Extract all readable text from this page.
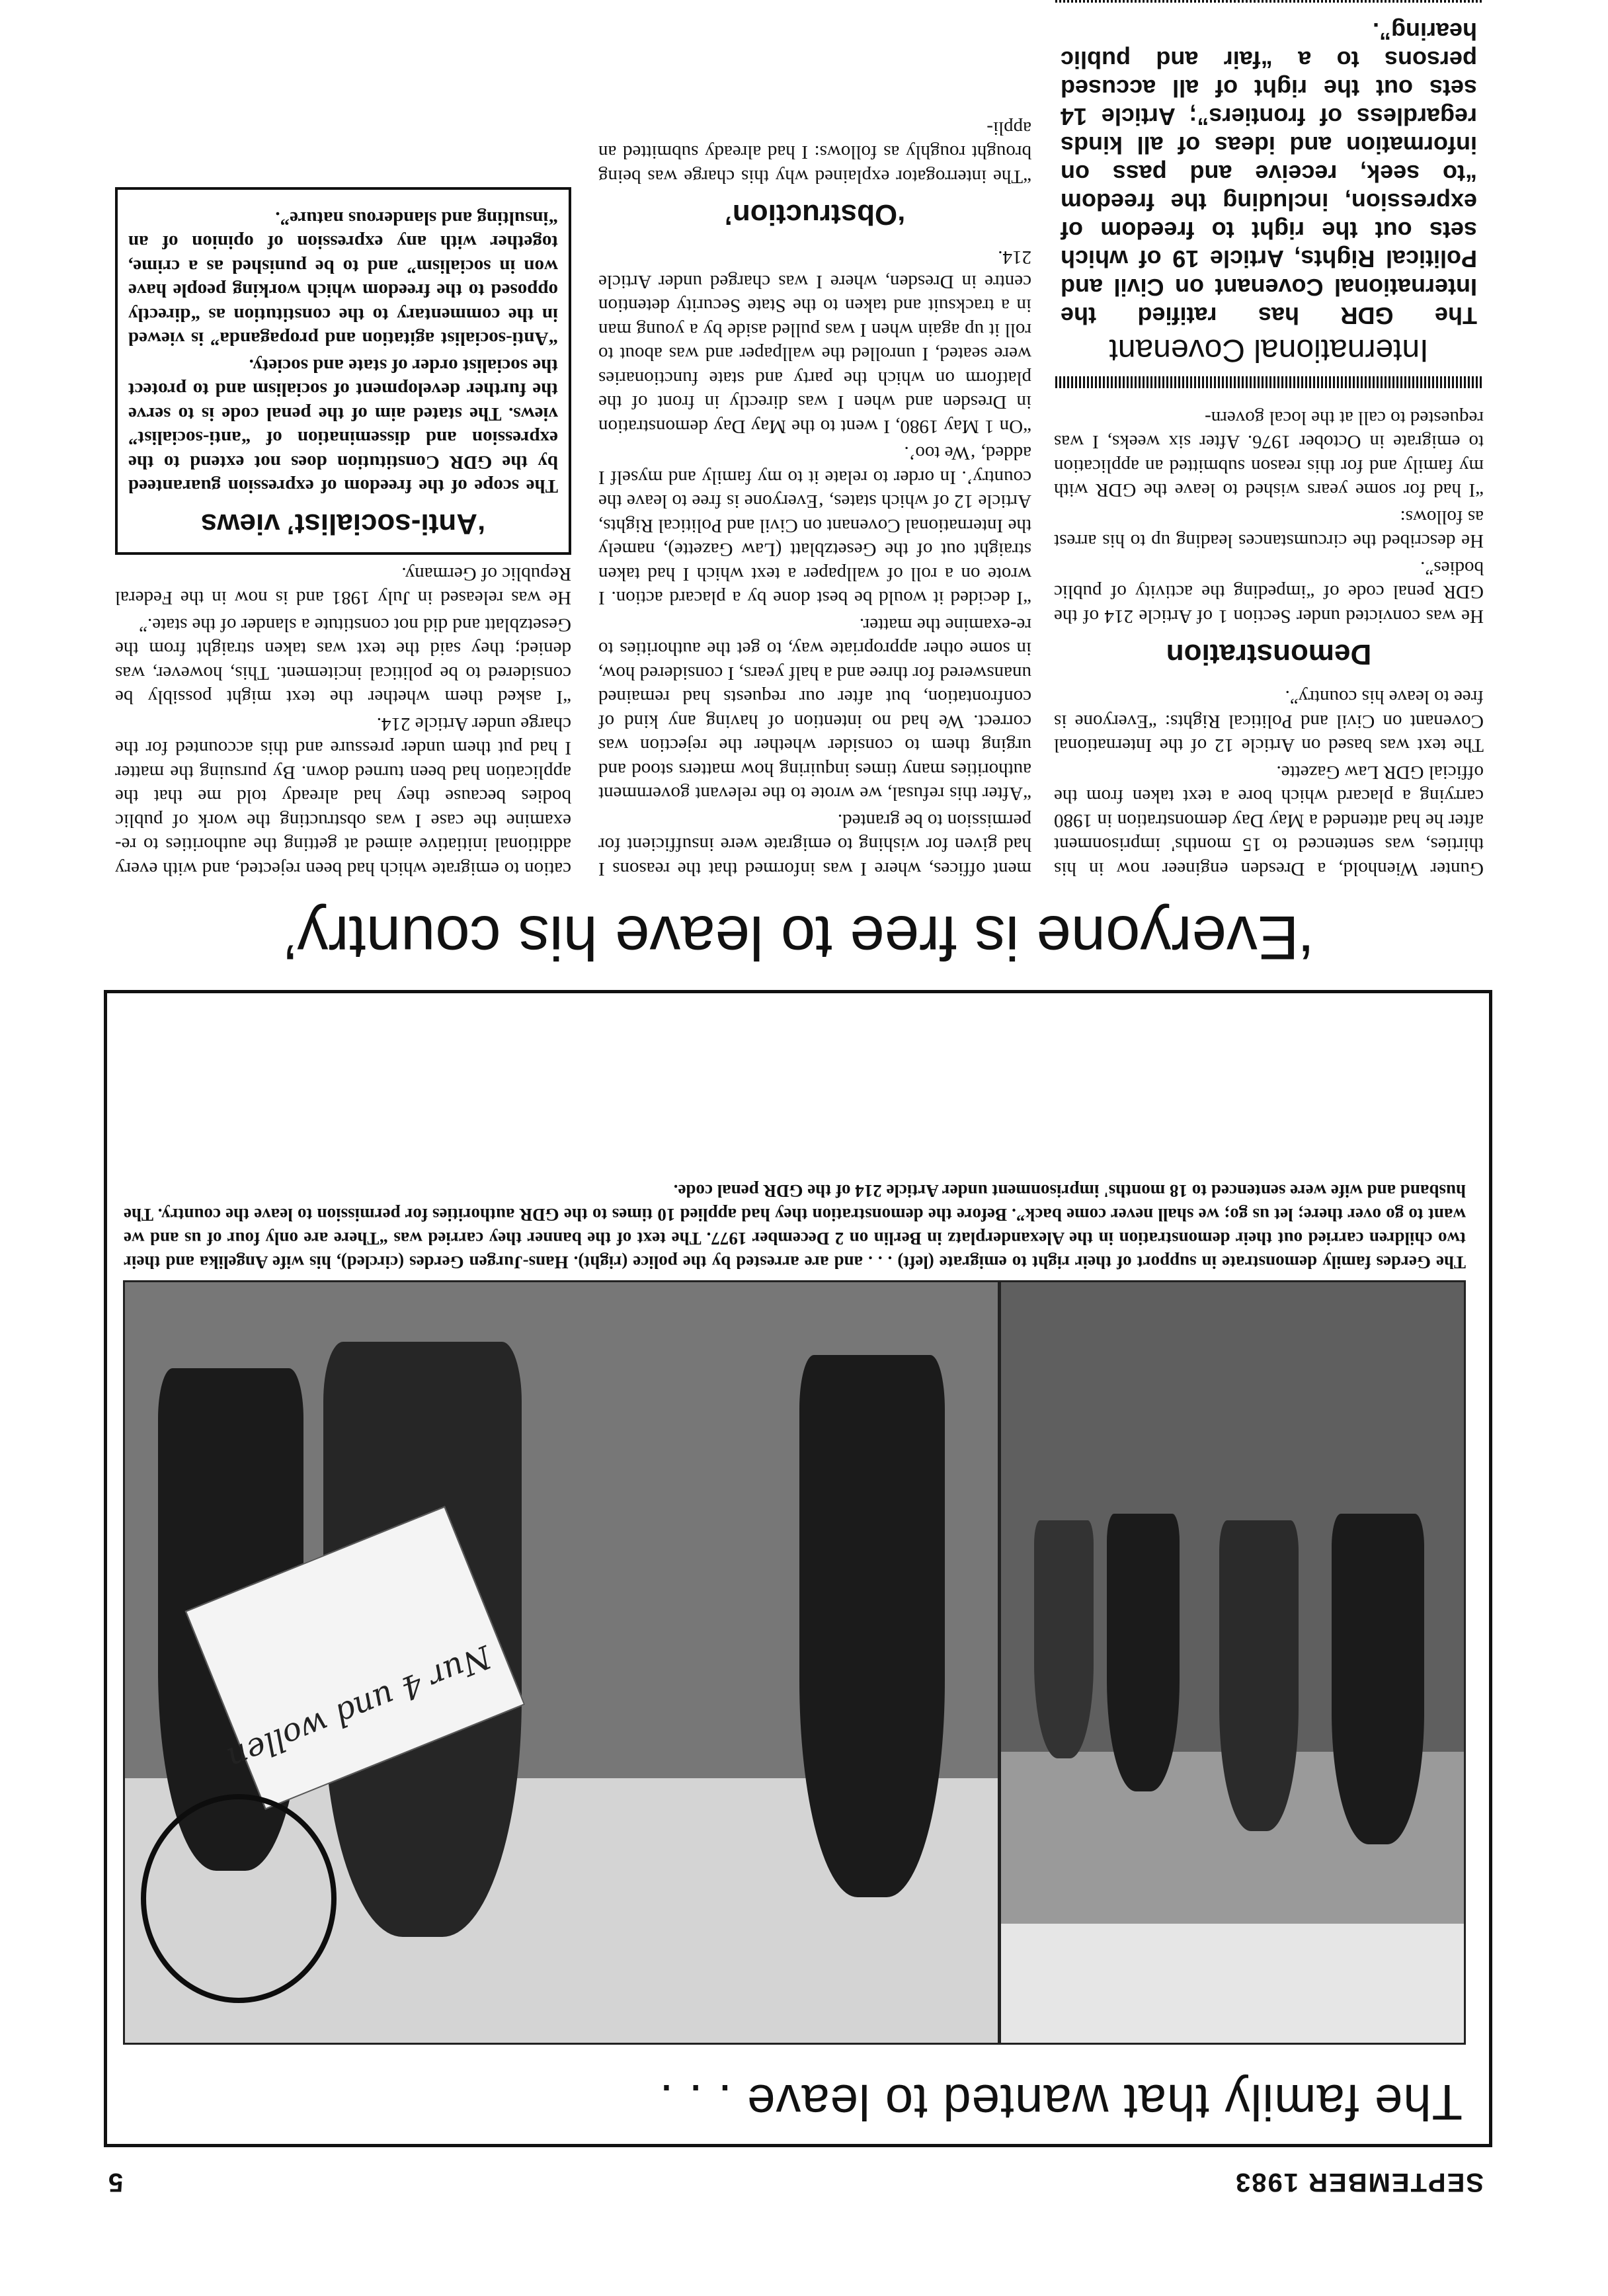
SEPTEMBER 1983
5
The family that wanted to leave . . .
Nur 4 und wollen
The Gerdes family demonstrate in support of their right to emigrate (left) . . . and are arrested by the police (right). Hans-Jurgen Gerdes (circled), his wife Angelika and their two children carried out their demonstration in the Alexanderplatz in Berlin on 2 December 1977. The text of the banner they carried was “There are only four of us and we want to go over there; let us go; we shall never come back”. Before the demonstration they had applied 10 times to the GDR authorities for permission to leave the country. The husband and wife were sentenced to 18 months' imprisonment under Article 214 of the GDR penal code.
‘Everyone is free to leave his country’

Gunter Wienhold, a Dresden engineer now in his thirties, was sentenced to 15 months' imprisonment after he had attended a May Day demonstration in 1980 carrying a placard which bore a text taken from the official GDR Law Gazette.

The text was based on Article 12 of the International Covenant on Civil and Political Rights: “Everyone is free to leave his country”.

Demonstration

He was convicted under Section 1 of Article 214 of the GDR penal code of “impeding the activity of public bodies”.

He described the circumstances leading up to his arrest as follows:

“I had for some years wished to leave the GDR with my family and for this reason submitted an application to emigrate in October 1976. After six weeks, I was requested to call at the local govern-

International Covenant
The GDR has ratified the International Covenant on Civil and Political Rights, Article 19 of which sets out the right to freedom of expression, including the freedom “to seek, receive and pass on information and ideas of all kinds regardless of frontiers”; Article 14 sets out the right of all accused persons to a “fair and public hearing”.

ment offices, where I was informed that the reasons I had given for wishing to emigrate were insufficient for permission to be granted.

“After this refusal, we wrote to the relevant government authorities many times inquiring how matters stood and urging them to consider whether the rejection was correct. We had no intention of having any kind of confrontation, but after our requests had remained unanswered for three and a half years, I considered how, in some other appropriate way, to get the authorities to re-examine the matter.

“I decided it would be best done by a placard action. I wrote on a roll of wallpaper a text which I had taken straight out of the Gesetzblatt (Law Gazette), namely the International Covenant on Civil and Political Rights, Article 12 of which states, ‘Everyone is free to leave the country’. In order to relate it to my family and myself I added, ‘We too’.

“On 1 May 1980, I went to the May Day demonstration in Dresden and when I was directly in front of the platform on which the party and state functionaries were seated, I unrolled the wallpaper and was about to roll it up again when I was pulled aside by a young man in a tracksuit and taken to the State Security detention centre in Dresden, where I was charged under Article 214.

‘Obstruction’

“The interrogator explained why this charge was being brought roughly as follows: I had already submitted an appli-

cation to emigrate which had been rejected, and with every additional initiative aimed at getting the authorities to re-examine the case I was obstructing the work of public bodies because they had already told me that the application had been turned down. By pursuing the matter I had put them under pressure and this accounted for the charge under Article 214.

“I asked them whether the text might possibly be considered to be political incitement. This, however, was denied; they said the text was taken straight from the Gesetzblatt and did not constitute a slander of the state.”

He was released in July 1981 and is now in the Federal Republic of Germany.

‘Anti-socialist’ views

The scope of the freedom of expression guaranteed by the GDR Constitution does not extend to the expression and dissemination of “anti-socialist” views. The stated aim of the penal code is to serve the further development of socialism and to protect the socialist order of state and society.

“Anti-socialist agitation and propaganda” is viewed in the commentary to the constitution as “directly opposed to the freedom which working people have won in socialism” and to be punished as a crime, together with any expression of opinion of an “insulting and slanderous nature”.
